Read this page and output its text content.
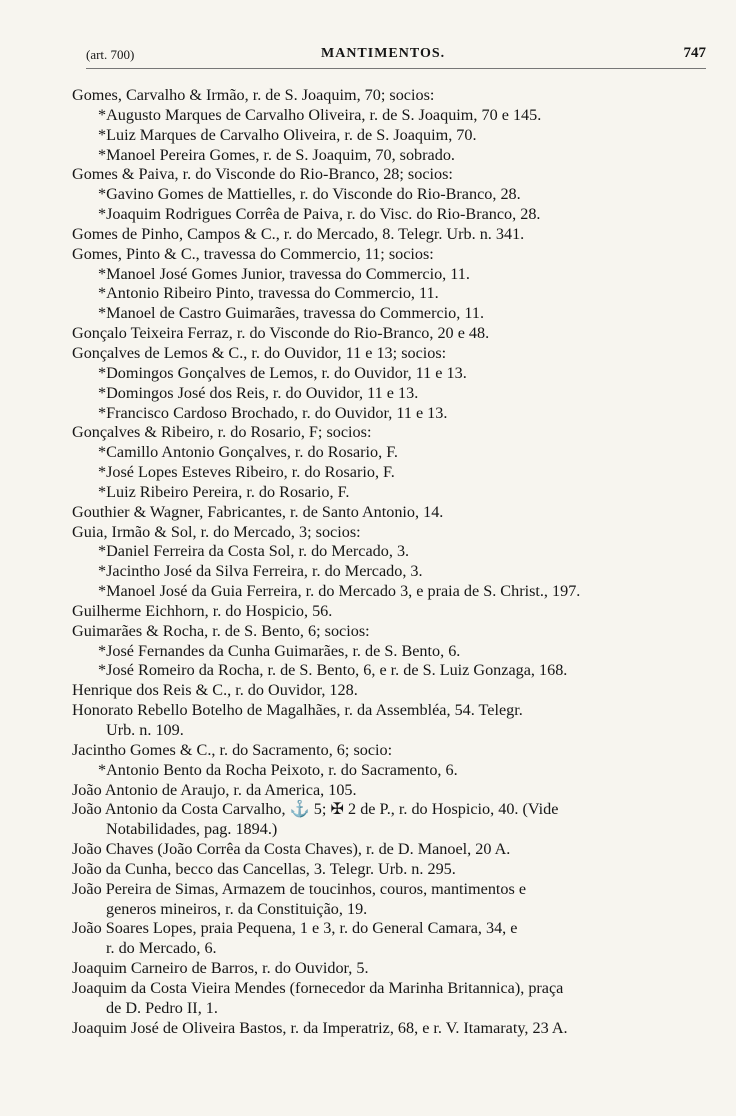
(art. 700)	MANTIMENTOS.	747
Gomes, Carvalho & Irmão, r. de S. Joaquim, 70; socios:
*Augusto Marques de Carvalho Oliveira, r. de S. Joaquim, 70 e 145.
*Luiz Marques de Carvalho Oliveira, r. de S. Joaquim, 70.
*Manoel Pereira Gomes, r. de S. Joaquim, 70, sobrado.
Gomes & Paiva, r. do Visconde do Rio-Branco, 28; socios:
*Gavino Gomes de Mattielles, r. do Visconde do Rio-Branco, 28.
*Joaquim Rodrigues Corrêa de Paiva, r. do Visc. do Rio-Branco, 28.
Gomes de Pinho, Campos & C., r. do Mercado, 8. Telegr. Urb. n. 341.
Gomes, Pinto & C., travessa do Commercio, 11; socios:
*Manoel José Gomes Junior, travessa do Commercio, 11.
*Antonio Ribeiro Pinto, travessa do Commercio, 11.
*Manoel de Castro Guimarães, travessa do Commercio, 11.
Gonçalo Teixeira Ferraz, r. do Visconde do Rio-Branco, 20 e 48.
Gonçalves de Lemos & C., r. do Ouvidor, 11 e 13; socios:
*Domingos Gonçalves de Lemos, r. do Ouvidor, 11 e 13.
*Domingos José dos Reis, r. do Ouvidor, 11 e 13.
*Francisco Cardoso Brochado, r. do Ouvidor, 11 e 13.
Gonçalves & Ribeiro, r. do Rosario, F; socios:
*Camillo Antonio Gonçalves, r. do Rosario, F.
*José Lopes Esteves Ribeiro, r. do Rosario, F.
*Luiz Ribeiro Pereira, r. do Rosario, F.
Gouthier & Wagner, Fabricantes, r. de Santo Antonio, 14.
Guia, Irmão & Sol, r. do Mercado, 3; socios:
*Daniel Ferreira da Costa Sol, r. do Mercado, 3.
*Jacintho José da Silva Ferreira, r. do Mercado, 3.
*Manoel José da Guia Ferreira, r. do Mercado 3, e praia de S. Christ., 197.
Guilherme Eichhorn, r. do Hospicio, 56.
Guimarães & Rocha, r. de S. Bento, 6; socios:
*José Fernandes da Cunha Guimarães, r. de S. Bento, 6.
*José Romeiro da Rocha, r. de S. Bento, 6, e r. de S. Luiz Gonzaga, 168.
Henrique dos Reis & C., r. do Ouvidor, 128.
Honorato Rebello Botelho de Magalhães, r. da Assembléa, 54. Telegr.
Urb. n. 109.
Jacintho Gomes & C., r. do Sacramento, 6; socio:
*Antonio Bento da Rocha Peixoto, r. do Sacramento, 6.
João Antonio de Araujo, r. da America, 105.
João Antonio da Costa Carvalho, ⚓ 5; ✠ 2 de P., r. do Hospicio, 40. (Vide
Notabilidades, pag. 1894.)
João Chaves (João Corrêa da Costa Chaves), r. de D. Manoel, 20 A.
João da Cunha, becco das Cancellas, 3. Telegr. Urb. n. 295.
João Pereira de Simas, Armazem de toucinhos, couros, mantimentos e
generos mineiros, r. da Constituição, 19.
João Soares Lopes, praia Pequena, 1 e 3, r. do General Camara, 34, e
r. do Mercado, 6.
Joaquim Carneiro de Barros, r. do Ouvidor, 5.
Joaquim da Costa Vieira Mendes (fornecedor da Marinha Britannica), praça
de D. Pedro II, 1.
Joaquim José de Oliveira Bastos, r. da Imperatriz, 68, e r. V. Itamaraty, 23 A.
